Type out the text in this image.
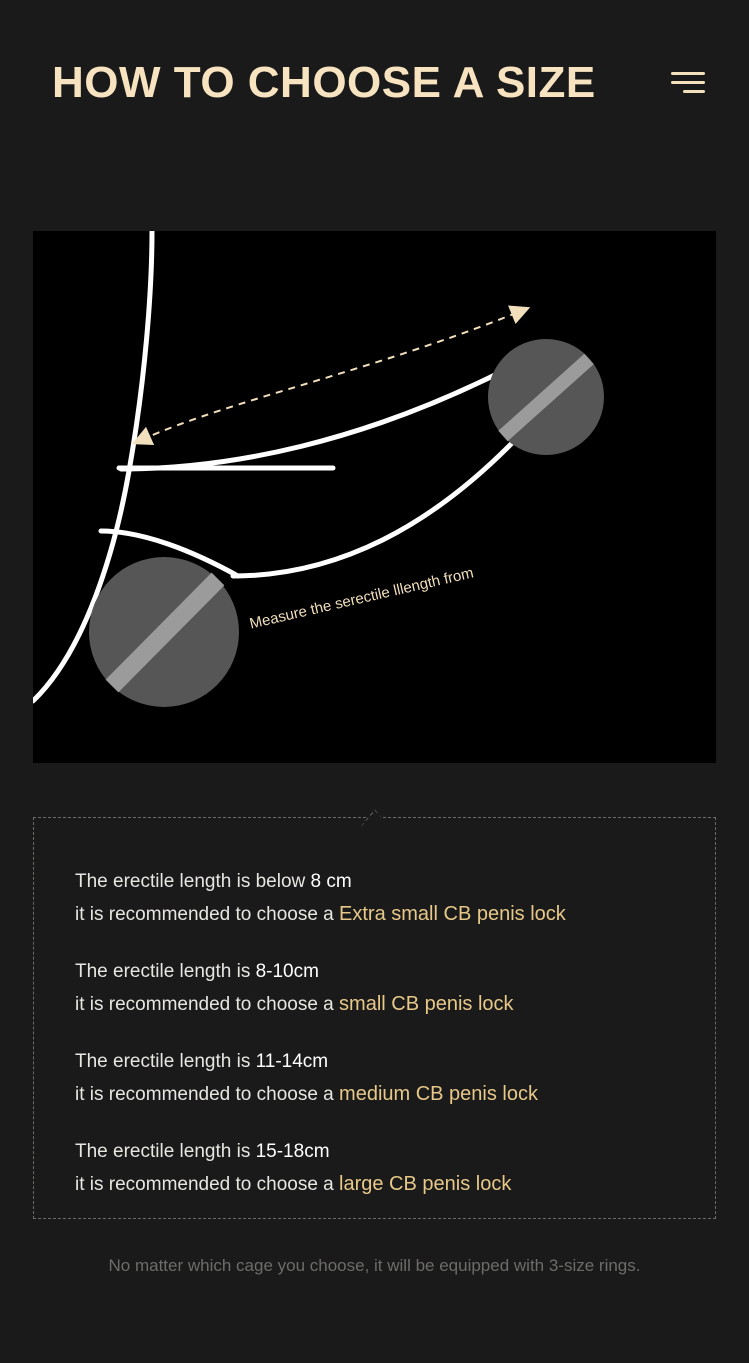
HOW TO CHOOSE A SIZE
Measure the serectile lllength from
The erectile length is below 8 cm
it is recommended to choose a Extra small CB penis lock
The erectile length is 8-10cm
it is recommended to choose a small CB penis lock
The erectile length is 11-14cm
it is recommended to choose a medium CB penis lock
The erectile length is 15-18cm
it is recommended to choose a large CB penis lock
No matter which cage you choose, it will be equipped with 3-size rings.
